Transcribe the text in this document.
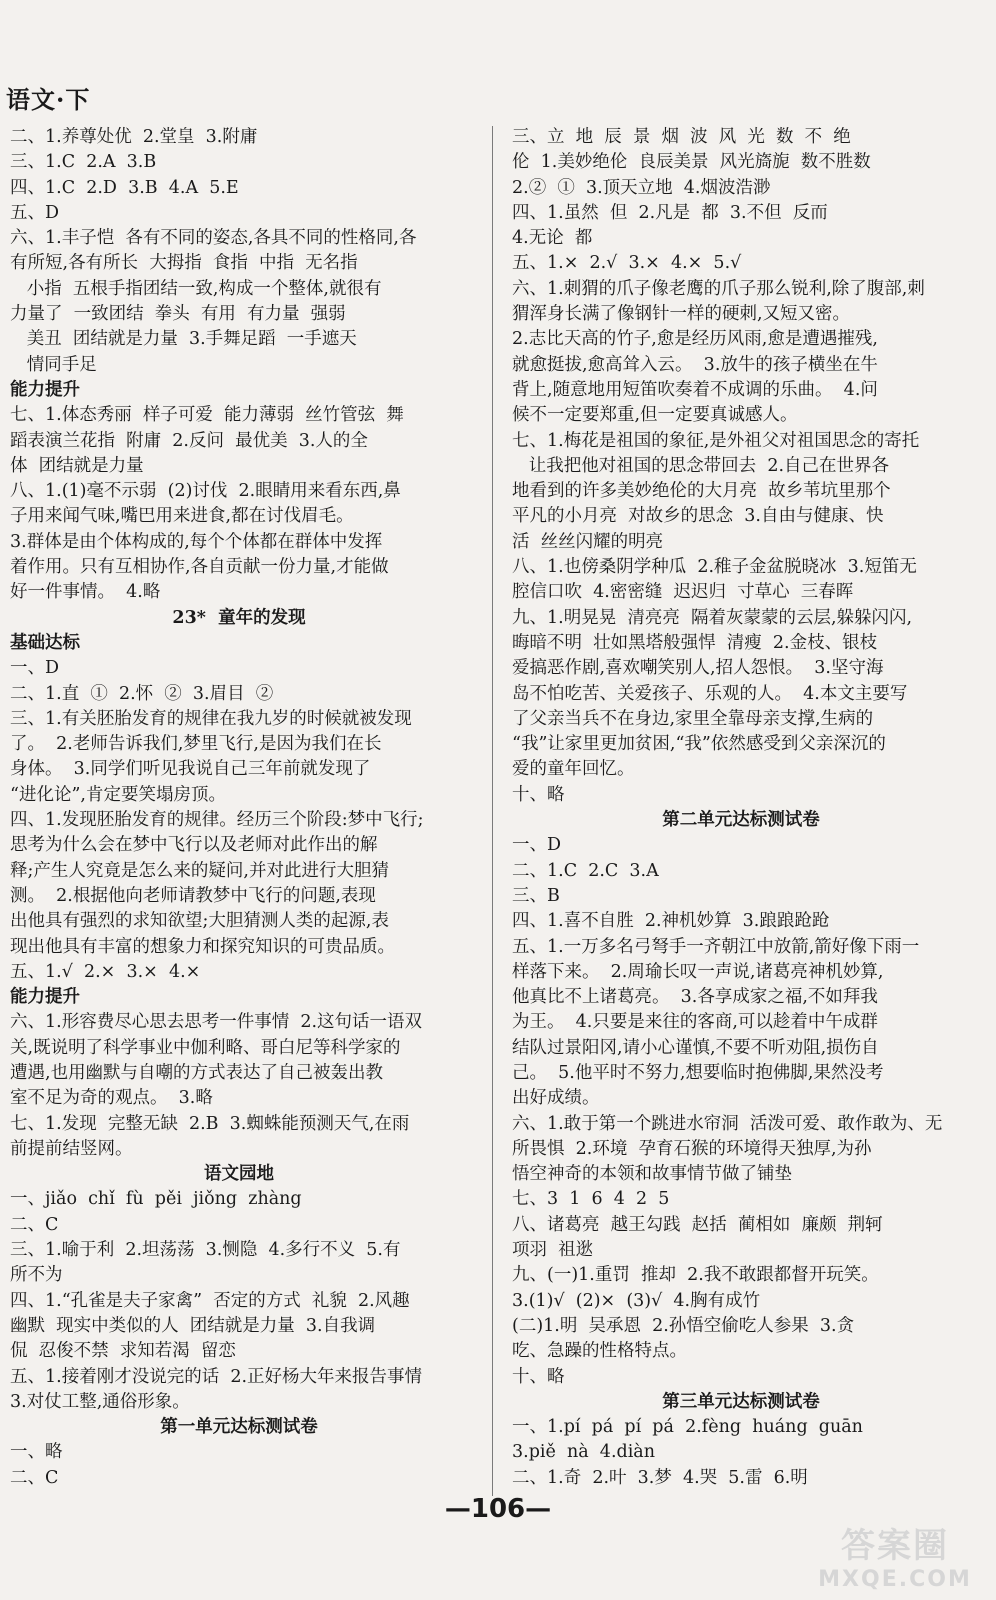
语文·下
二、1.养尊处优  2.堂皇  3.附庸
三、1.C  2.A  3.B
四、1.C  2.D  3.B  4.A  5.E
五、D
六、1.丰子恺  各有不同的姿态,各具不同的性格同,各
有所短,各有所长  大拇指  食指  中指  无名指
小指  五根手指团结一致,构成一个整体,就很有
力量了  一致团结  拳头  有用  有力量  强弱
美丑  团结就是力量  3.手舞足蹈  一手遮天
情同手足
能力提升
七、1.体态秀丽  样子可爱  能力薄弱  丝竹管弦  舞
蹈表演兰花指  附庸  2.反问  最优美  3.人的全
体  团结就是力量
八、1.(1)毫不示弱  (2)讨伐  2.眼睛用来看东西,鼻
子用来闻气味,嘴巴用来进食,都在讨伐眉毛。
3.群体是由个体构成的,每个个体都在群体中发挥
着作用。只有互相协作,各自贡献一份力量,才能做
好一件事情。  4.略
23*  童年的发现
基础达标
一、D
二、1.直  ①  2.怀  ②  3.眉目  ②
三、1.有关胚胎发育的规律在我九岁的时候就被发现
了。  2.老师告诉我们,梦里飞行,是因为我们在长
身体。  3.同学们听见我说自己三年前就发现了
“进化论”,肯定要笑塌房顶。
四、1.发现胚胎发育的规律。经历三个阶段:梦中飞行;
思考为什么会在梦中飞行以及老师对此作出的解
释;产生人究竟是怎么来的疑问,并对此进行大胆猜
测。  2.根据他向老师请教梦中飞行的问题,表现
出他具有强烈的求知欲望;大胆猜测人类的起源,表
现出他具有丰富的想象力和探究知识的可贵品质。
五、1.√  2.×  3.×  4.×
能力提升
六、1.形容费尽心思去思考一件事情  2.这句话一语双
关,既说明了科学事业中伽利略、哥白尼等科学家的
遭遇,也用幽默与自嘲的方式表达了自己被轰出教
室不足为奇的观点。  3.略
七、1.发现  完整无缺  2.B  3.蜘蛛能预测天气,在雨
前提前结竖网。
语文园地
一、jiǎo  chǐ  fù  pěi  jiǒng  zhàng
二、C
三、1.喻于利  2.坦荡荡  3.恻隐  4.多行不义  5.有
所不为
四、1.“孔雀是夫子家禽”  否定的方式  礼貌  2.风趣
幽默  现实中类似的人  团结就是力量  3.自我调
侃  忍俊不禁  求知若渴  留恋
五、1.接着刚才没说完的话  2.正好杨大年来报告事情
3.对仗工整,通俗形象。
第一单元达标测试卷
一、略
二、C
三、立  地  辰  景  烟  波  风  光  数  不  绝
伦  1.美妙绝伦  良辰美景  风光旖旎  数不胜数
2.②  ①  3.顶天立地  4.烟波浩渺
四、1.虽然  但  2.凡是  都  3.不但  反而
4.无论  都
五、1.×  2.√  3.×  4.×  5.√
六、1.刺猬的爪子像老鹰的爪子那么锐利,除了腹部,刺
猬浑身长满了像钢针一样的硬刺,又短又密。
2.志比天高的竹子,愈是经历风雨,愈是遭遇摧残,
就愈挺拔,愈高耸入云。  3.放牛的孩子横坐在牛
背上,随意地用短笛吹奏着不成调的乐曲。  4.问
候不一定要郑重,但一定要真诚感人。
七、1.梅花是祖国的象征,是外祖父对祖国思念的寄托
让我把他对祖国的思念带回去  2.自己在世界各
地看到的许多美妙绝伦的大月亮  故乡苇坑里那个
平凡的小月亮  对故乡的思念  3.自由与健康、快
活  丝丝闪耀的明亮
八、1.也傍桑阴学种瓜  2.稚子金盆脱晓冰  3.短笛无
腔信口吹  4.密密缝  迟迟归  寸草心  三春晖
九、1.明晃晃  清亮亮  隔着灰蒙蒙的云层,躲躲闪闪,
晦暗不明  壮如黑塔般强悍  清瘦  2.金枝、银枝
爱搞恶作剧,喜欢嘲笑别人,招人怨恨。  3.坚守海
岛不怕吃苦、关爱孩子、乐观的人。  4.本文主要写
了父亲当兵不在身边,家里全靠母亲支撑,生病的
“我”让家里更加贫困,“我”依然感受到父亲深沉的
爱的童年回忆。
十、略
第二单元达标测试卷
一、D
二、1.C  2.C  3.A
三、B
四、1.喜不自胜  2.神机妙算  3.踉踉跄跄
五、1.一万多名弓弩手一齐朝江中放箭,箭好像下雨一
样落下来。  2.周瑜长叹一声说,诸葛亮神机妙算,
他真比不上诸葛亮。  3.各享成家之福,不如拜我
为王。  4.只要是来往的客商,可以趁着中午成群
结队过景阳冈,请小心谨慎,不要不听劝阻,损伤自
己。  5.他平时不努力,想要临时抱佛脚,果然没考
出好成绩。
六、1.敢于第一个跳进水帘洞  活泼可爱、敢作敢为、无
所畏惧  2.环境  孕育石猴的环境得天独厚,为孙
悟空神奇的本领和故事情节做了铺垫
七、3  1  6  4  2  5
八、诸葛亮  越王勾践  赵括  蔺相如  廉颇  荆轲
项羽  祖逖
九、(一)1.重罚  推却  2.我不敢跟都督开玩笑。
3.(1)√  (2)×  (3)√  4.胸有成竹
(二)1.明  吴承恩  2.孙悟空偷吃人参果  3.贪
吃、急躁的性格特点。
十、略
第三单元达标测试卷
一、1.pí  pá  pí  pá  2.fèng  huáng  guān
3.piě  nà  4.diàn
二、1.奇  2.叶  3.梦  4.哭  5.雷  6.明
—106—
答案圈
MXQE.COM
